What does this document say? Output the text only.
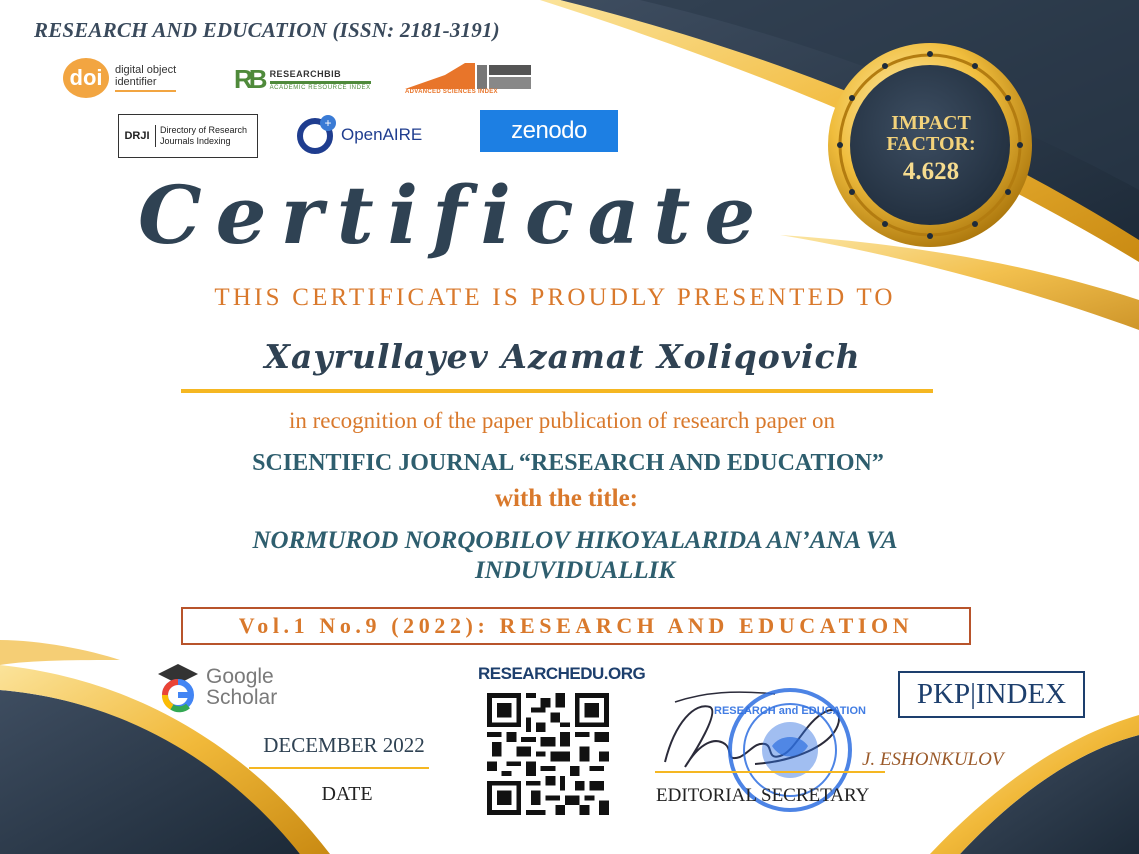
RESEARCH AND EDUCATION (ISSN: 2181-3191)
doi	digital object
identifier	RB RESEARCHBIB
ACADEMIC RESOURCE INDEX
ADVANCED SCIENCES INDEX
DRJI	Directory of Research
Journals Indexing
+
OpenAIRE	zenodo	IMPACT
FACTOR:
4.628
Certificate
THIS CERTIFICATE IS PROUDLY PRESENTED TO
Xayrullayev Azamat Xoliqovich
in recognition of the paper publication of research paper on
SCIENTIFIC JOURNAL “RESEARCH AND EDUCATION”
with the title:
NORMUROD NORQOBILOV HIKOYALARIDA AN’ANA VA
INDUVIDUALLIK
Vol.1 No.9 (2022): RESEARCH AND EDUCATION
Google
Scholar
DECEMBER 2022
DATE
RESEARCHEDU.ORG
PKP|INDEX
RESEARCH and EDUCATION
J. ESHONKULOV
EDITORIAL SECRETARY
